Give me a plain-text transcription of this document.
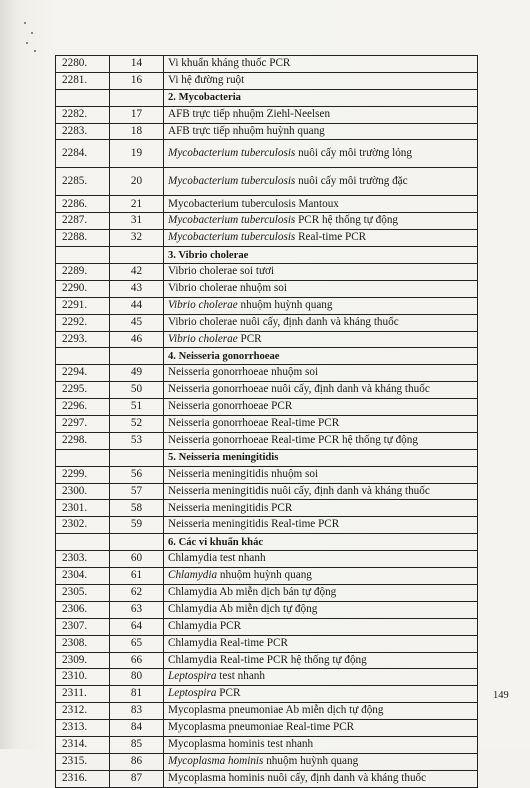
2280.	14	Vi khuẩn kháng thuốc PCR
2281.	16	Vi hệ đường ruột
		2. Mycobacteria
2282.	17	AFB trực tiếp nhuộm Ziehl-Neelsen
2283.	18	AFB trực tiếp nhuộm huỳnh quang
2284.	19	Mycobacterium tuberculosis nuôi cấy môi trường lỏng
2285.	20	Mycobacterium tuberculosis nuôi cấy môi trường đặc
2286.	21	Mycobacterium tuberculosis Mantoux
2287.	31	Mycobacterium tuberculosis PCR hệ thống tự động
2288.	32	Mycobacterium tuberculosis Real-time PCR
		3. Vibrio cholerae
2289.	42	Vibrio cholerae soi tươi
2290.	43	Vibrio cholerae nhuộm soi
2291.	44	Vibrio cholerae nhuộm huỳnh quang
2292.	45	Vibrio cholerae nuôi cấy, định danh và kháng thuốc
2293.	46	Vibrio cholerae PCR
		4. Neisseria gonorrhoeae
2294.	49	Neisseria gonorrhoeae nhuộm soi
2295.	50	Neisseria gonorrhoeae nuôi cấy, định danh và kháng thuốc
2296.	51	Neisseria gonorrhoeae PCR
2297.	52	Neisseria gonorrhoeae Real-time PCR
2298.	53	Neisseria gonorrhoeae Real-time PCR hệ thống tự động
		5. Neisseria meningitidis
2299.	56	Neisseria meningitidis nhuộm soi
2300.	57	Neisseria meningitidis nuôi cấy, định danh và kháng thuốc
2301.	58	Neisseria meningitidis PCR
2302.	59	Neisseria meningitidis Real-time PCR
		6. Các vi khuẩn khác
2303.	60	Chlamydia test nhanh
2304.	61	Chlamydia nhuộm huỳnh quang
2305.	62	Chlamydia Ab miễn dịch bán tự động
2306.	63	Chlamydia Ab miễn dịch tự động
2307.	64	Chlamydia PCR
2308.	65	Chlamydia Real-time PCR
2309.	66	Chlamydia Real-time PCR hệ thống tự động
2310.	80	Leptospira test nhanh
2311.	81	Leptospira PCR
2312.	83	Mycoplasma pneumoniae Ab miễn dịch tự động
2313.	84	Mycoplasma pneumoniae Real-time PCR
2314.	85	Mycoplasma hominis test nhanh
2315.	86	Mycoplasma hominis nhuộm huỳnh quang
2316.	87	Mycoplasma hominis nuôi cấy, định danh và kháng thuốc
149
